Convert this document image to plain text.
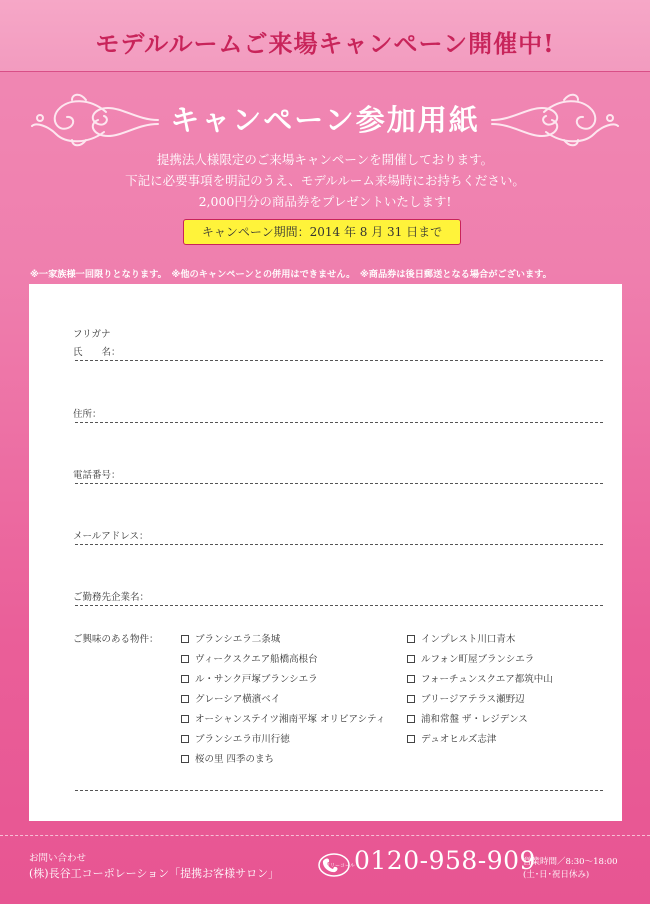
モデルルームご来場キャンペーン開催中!
キャンペーン参加用紙
提携法人様限定のご来場キャンペーンを開催しております。
下記に必要事項を明記のうえ、モデルルーム来場時にお持ちください。
2,000円分の商品券をプレゼントいたします!
キャンペーン期間：2014 年 8 月 31 日まで
※一家族様一回限りとなります。　※他のキャンペーンとの併用はできません。　※商品券は後日郵送となる場合がございます。
フリガナ
氏　　名：
住所：
電話番号：
メールアドレス：
ご勤務先企業名：
ご興味のある物件：	ブランシエラ二条城
ヴィークスクエア船橋高根台
ル・サンク戸塚ブランシエラ
グレーシア横濱ベイ
オーシャンステイツ湘南平塚 オリビアシティ
ブランシエラ市川行徳
桜の里 四季のまち
インプレスト川口青木
ルフォン町屋ブランシエラ
フォーチュンスクエア都筑中山
ブリージアテラス瀬野辺
浦和常盤 ザ・レジデンス
デュオヒルズ志津
お問い合わせ
(株)長谷工コーポレーション「提携お客様サロン」
フリーコール 0120-958-909
営業時間／8:30〜18:00
(土･日･祝日休み)
